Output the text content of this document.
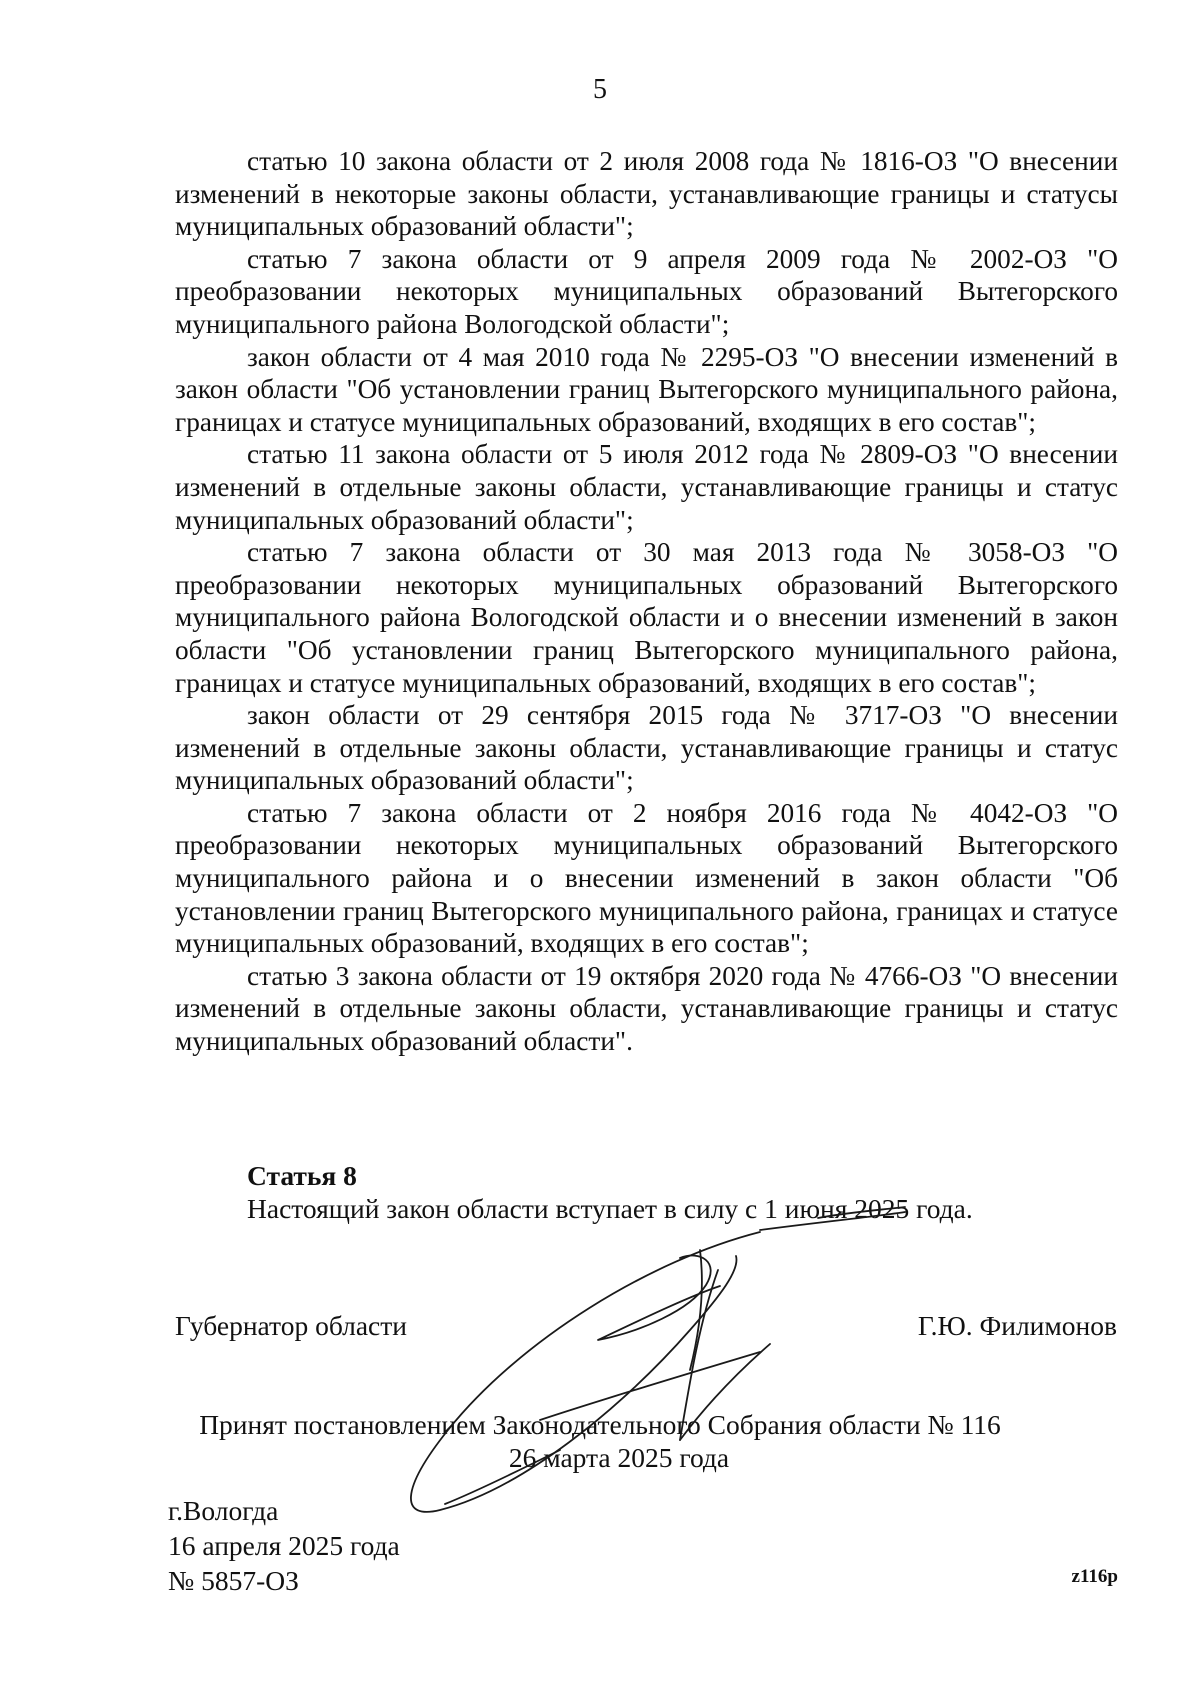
5

статью 10 закона области от 2 июля 2008 года № 1816-ОЗ "О внесении изменений в некоторые законы области, устанавливающие границы и статусы муниципальных образований области";

статью 7 закона области от 9 апреля 2009 года № 2002-ОЗ "О преобразовании некоторых муниципальных образований Вытегорского муниципального района Вологодской области";

закон области от 4 мая 2010 года № 2295-ОЗ "О внесении изменений в закон области "Об установлении границ Вытегорского муниципального района, границах и статусе муниципальных образований, входящих в его состав";

статью 11 закона области от 5 июля 2012 года № 2809-ОЗ "О внесении изменений в отдельные законы области, устанавливающие границы и статус муниципальных образований области";

статью 7 закона области от 30 мая 2013 года № 3058-ОЗ "О преобразовании некоторых муниципальных образований Вытегорского муниципального района Вологодской области и о внесении изменений в закон области "Об установлении границ Вытегорского муниципального района, границах и статусе муниципальных образований, входящих в его состав";

закон области от 29 сентября 2015 года № 3717-ОЗ "О внесении изменений в отдельные законы области, устанавливающие границы и статус муниципальных образований области";

статью 7 закона области от 2 ноября 2016 года № 4042-ОЗ "О преобразовании некоторых муниципальных образований Вытегорского муниципального района и о внесении изменений в закон области "Об установлении границ Вытегорского муниципального района, границах и статусе муниципальных образований, входящих в его состав";

статью 3 закона области от 19 октября 2020 года № 4766-ОЗ "О внесении изменений в отдельные законы области, устанавливающие границы и статус муниципальных образований области".

Статья 8
Настоящий закон области вступает в силу с 1 июня 2025 года.
Губернатор области	Г.Ю. Филимонов
Принят постановлением Законодательного Собрания области № 116
26 марта 2025 года
г.Вологда
16 апреля 2025 года
№ 5857-ОЗ	z116p
